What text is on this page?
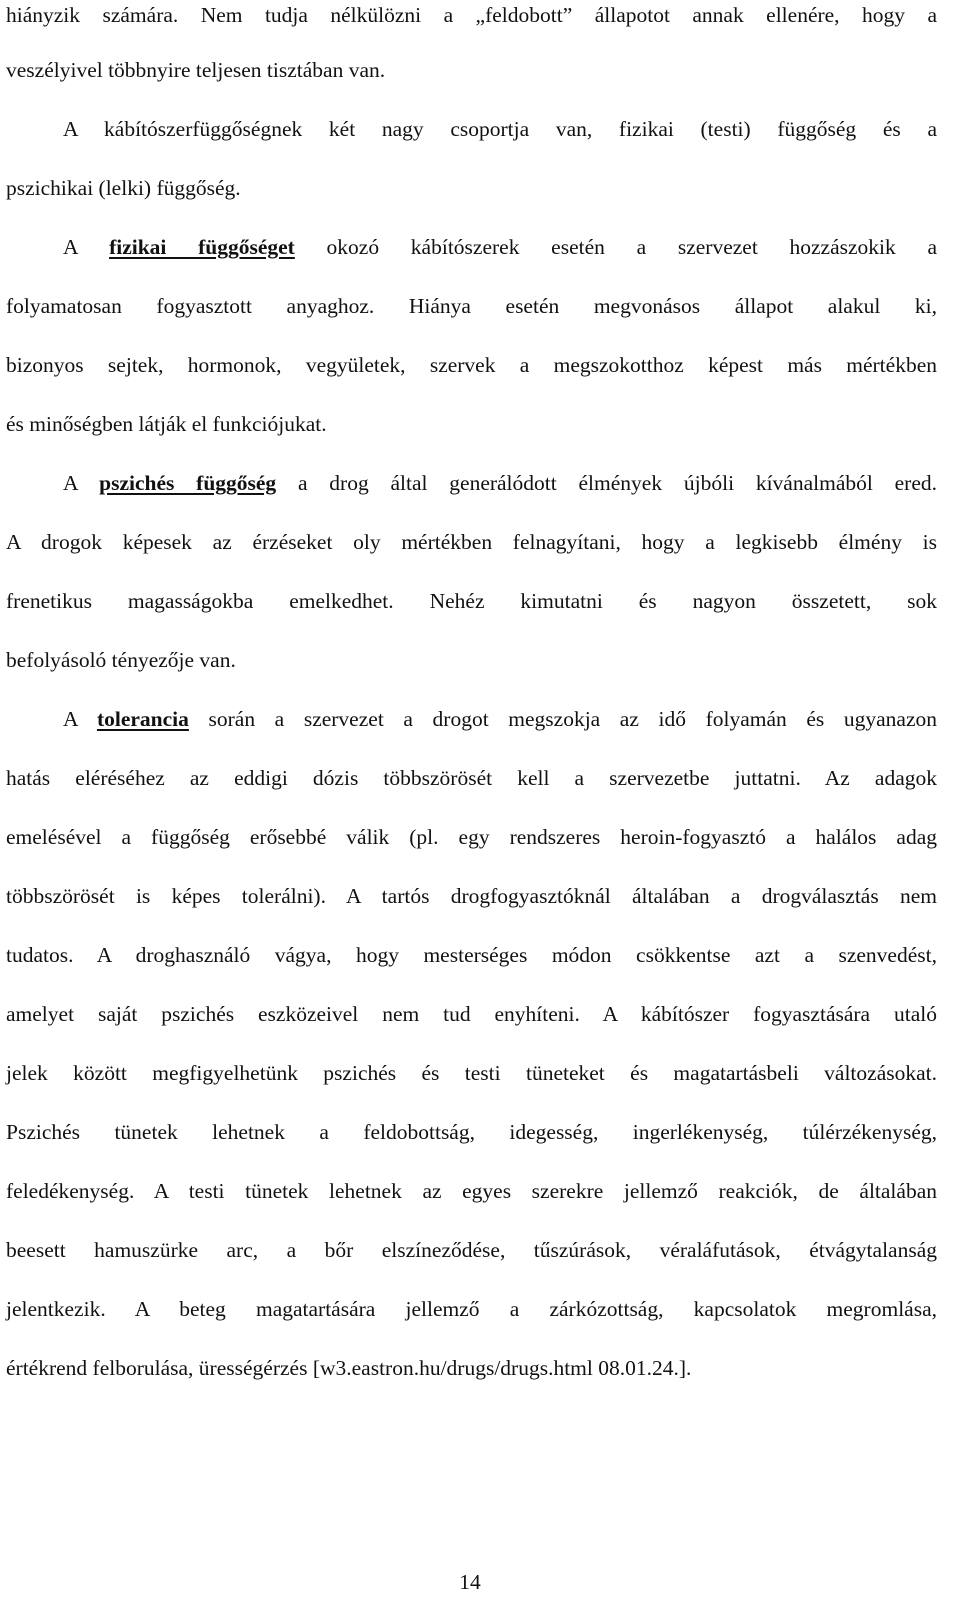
hiányzik számára. Nem tudja nélkülözni a „feldobott” állapotot annak ellenére, hogy a
veszélyivel többnyire teljesen tisztában van.
A kábítószerfüggőségnek két nagy csoportja van, fizikai (testi) függőség és a
pszichikai (lelki) függőség.
A fizikai függőséget okozó kábítószerek esetén a szervezet hozzászokik a
folyamatosan fogyasztott anyaghoz. Hiánya esetén megvonásos állapot alakul ki,
bizonyos sejtek, hormonok, vegyületek, szervek a megszokotthoz képest más mértékben
és minőségben látják el funkciójukat.
A pszichés függőség a drog által generálódott élmények újbóli kívánalmából ered.
A drogok képesek az érzéseket oly mértékben felnagyítani, hogy a legkisebb élmény is
frenetikus magasságokba emelkedhet. Nehéz kimutatni és nagyon összetett, sok
befolyásoló tényezője van.
A tolerancia során a szervezet a drogot megszokja az idő folyamán és ugyanazon
hatás eléréséhez az eddigi dózis többszörösét kell a szervezetbe juttatni. Az adagok
emelésével a függőség erősebbé válik (pl. egy rendszeres heroin-fogyasztó a halálos adag
többszörösét is képes tolerálni). A tartós drogfogyasztóknál általában a drogválasztás nem
tudatos. A droghasználó vágya, hogy mesterséges módon csökkentse azt a szenvedést,
amelyet saját pszichés eszközeivel nem tud enyhíteni. A kábítószer fogyasztására utaló
jelek között megfigyelhetünk pszichés és testi tüneteket és magatartásbeli változásokat.
Pszichés tünetek lehetnek a feldobottság, idegesség, ingerlékenység, túlérzékenység,
feledékenység. A testi tünetek lehetnek az egyes szerekre jellemző reakciók, de általában
beesett hamuszürke arc, a bőr elszíneződése, tűszúrások, véraláfutások, étvágytalanság
jelentkezik. A beteg magatartására jellemző a zárkózottság, kapcsolatok megromlása,
értékrend felborulása, ürességérzés [w3.eastron.hu/drugs/drugs.html 08.01.24.].
14
